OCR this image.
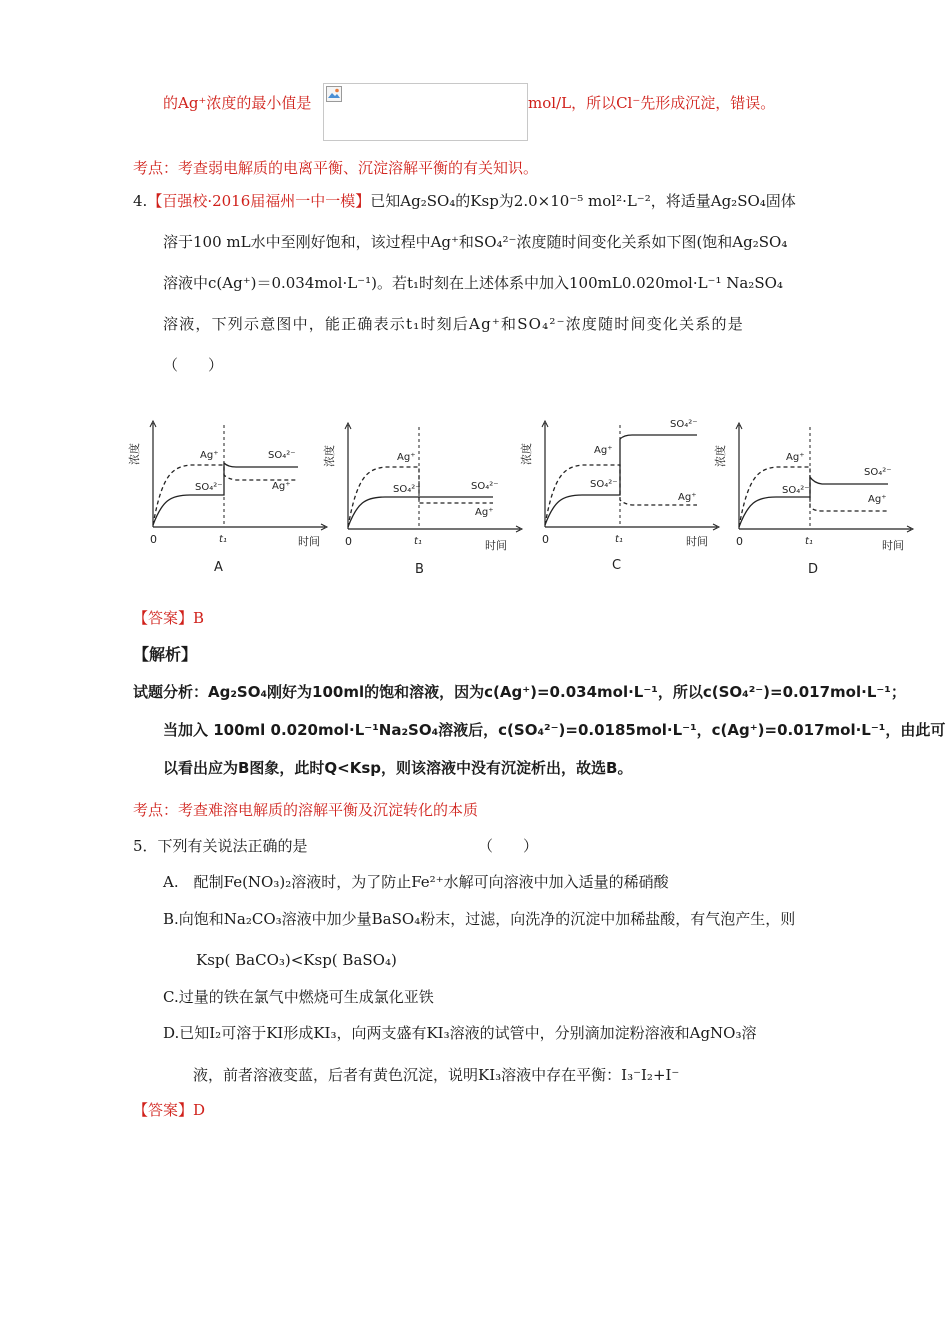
的Ag⁺浓度的最小值是	mol/L，所以Cl⁻先形成沉淀，错误。
考点：考查弱电解质的电离平衡、沉淀溶解平衡的有关知识。
4.【百强校·2016届福州一中一模】已知Ag₂SO₄的Ksp为2.0×10⁻⁵ mol²·L⁻²，将适量Ag₂SO₄固体
溶于100 mL水中至刚好饱和，该过程中Ag⁺和SO₄²⁻浓度随时间变化关系如下图(饱和Ag₂SO₄
溶液中c(Ag⁺)＝0.034mol·L⁻¹)。若t₁时刻在上述体系中加入100mL0.020mol·L⁻¹ Na₂SO₄
溶液，下列示意图中，能正确表示t₁时刻后Ag⁺和SO₄²⁻浓度随时间变化关系的是
（　　）
浓度	Ag⁺
SO₄²⁻
SO₄²⁻
Ag⁺
0	t₁	时间
A
浓度	Ag⁺
SO₄²⁻	SO₄²⁻
Ag⁺
0	t₁	时间
B
浓度	Ag⁺
SO₄²⁻
SO₄²⁻
Ag⁺
0	t₁	时间
C
浓度	Ag⁺
SO₄²⁻
SO₄²⁻
Ag⁺
0	t₁	时间
D
【答案】B
【解析】
试题分析：Ag₂SO₄刚好为100ml的饱和溶液，因为c(Ag⁺)=0.034mol·L⁻¹，所以c(SO₄²⁻)=0.017mol·L⁻¹；
当加入 100ml 0.020mol·L⁻¹Na₂SO₄溶液后，c(SO₄²⁻)=0.0185mol·L⁻¹，c(Ag⁺)=0.017mol·L⁻¹，由此可
以看出应为B图象，此时Q<Ksp，则该溶液中没有沉淀析出，故选B。
考点：考查难溶电解质的溶解平衡及沉淀转化的本质
5．下列有关说法正确的是	（　　）
A.　配制Fe(NO₃)₂溶液时，为了防止Fe²⁺水解可向溶液中加入适量的稀硝酸
B.向饱和Na₂CO₃溶液中加少量BaSO₄粉末，过滤，向洗净的沉淀中加稀盐酸，有气泡产生，则
Ksp( BaCO₃)<Ksp( BaSO₄)
C.过量的铁在氯气中燃烧可生成氯化亚铁
D.已知I₂可溶于KI形成KI₃，向两支盛有KI₃溶液的试管中，分别滴加淀粉溶液和AgNO₃溶
液，前者溶液变蓝，后者有黄色沉淀，说明KI₃溶液中存在平衡：I₃⁻I₂+I⁻
【答案】D
